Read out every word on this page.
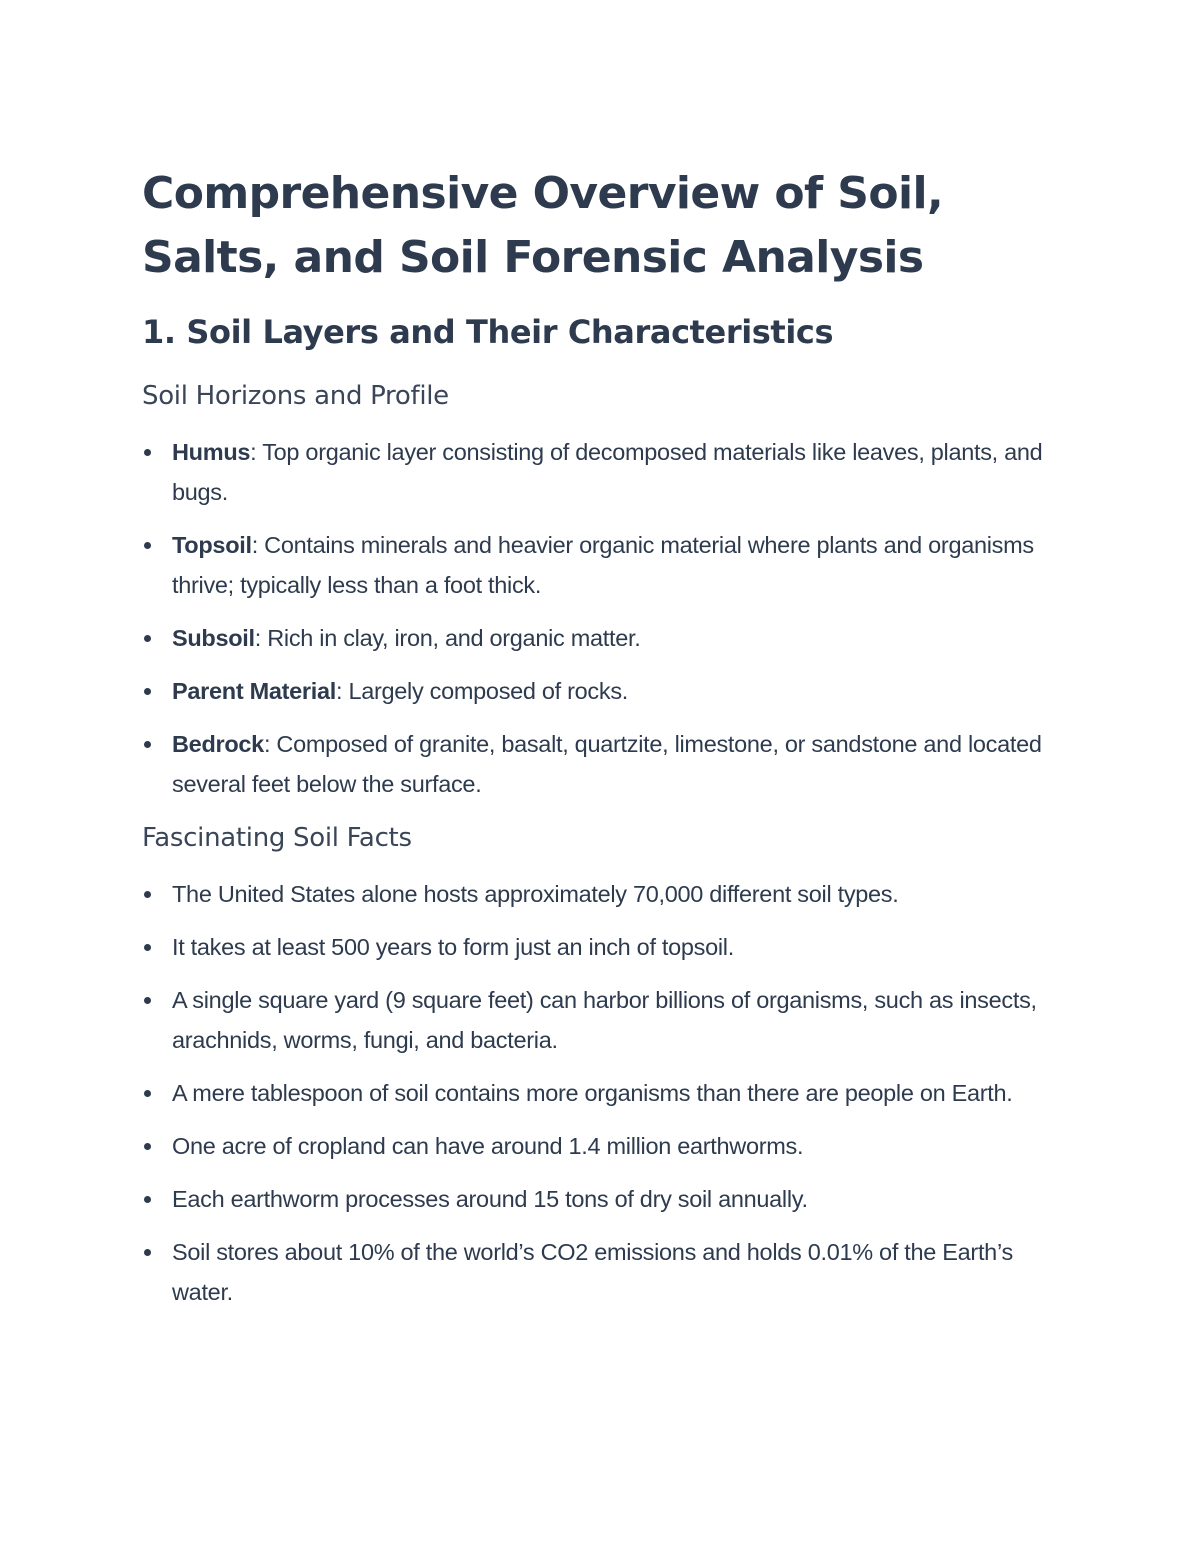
Comprehensive Overview of Soil, Salts, and Soil Forensic Analysis
1. Soil Layers and Their Characteristics
Soil Horizons and Profile
Humus: Top organic layer consisting of decomposed materials like leaves, plants, and bugs.
Topsoil: Contains minerals and heavier organic material where plants and organisms thrive; typically less than a foot thick.
Subsoil: Rich in clay, iron, and organic matter.
Parent Material: Largely composed of rocks.
Bedrock: Composed of granite, basalt, quartzite, limestone, or sandstone and located several feet below the surface.
Fascinating Soil Facts
The United States alone hosts approximately 70,000 different soil types.
It takes at least 500 years to form just an inch of topsoil.
A single square yard (9 square feet) can harbor billions of organisms, such as insects, arachnids, worms, fungi, and bacteria.
A mere tablespoon of soil contains more organisms than there are people on Earth.
One acre of cropland can have around 1.4 million earthworms.
Each earthworm processes around 15 tons of dry soil annually.
Soil stores about 10% of the world’s CO2 emissions and holds 0.01% of the Earth’s water.
